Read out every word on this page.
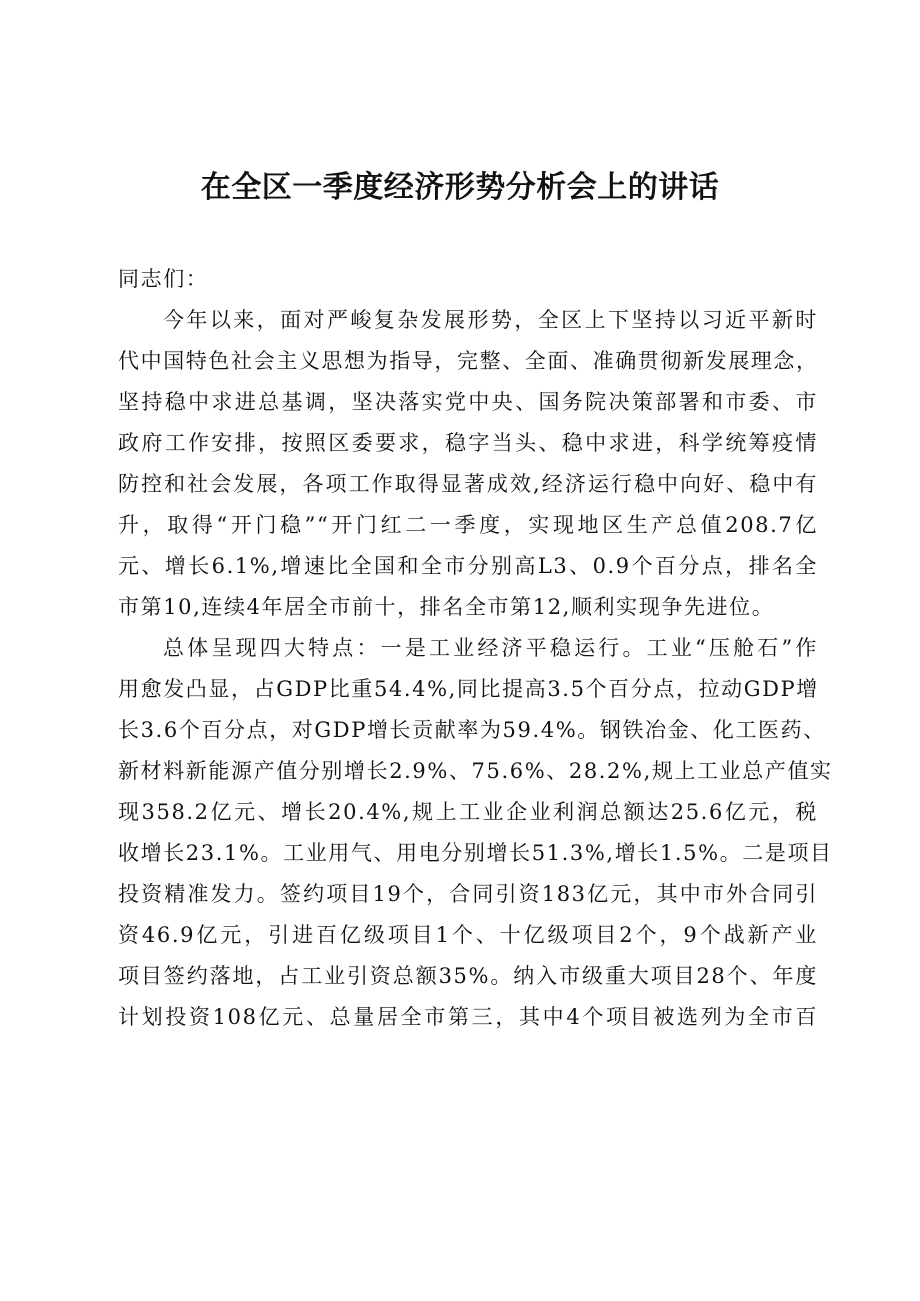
在全区一季度经济形势分析会上的讲话

同志们：

今年以来，面对严峻复杂发展形势，全区上下坚持以习近平新时
代中国特色社会主义思想为指导，完整、全面、准确贯彻新发展理念，
坚持稳中求进总基调，坚决落实党中央、国务院决策部署和市委、市
政府工作安排，按照区委要求，稳字当头、稳中求进，科学统筹疫情
防控和社会发展，各项工作取得显著成效,经济运行稳中向好、稳中有
升，取得“开门稳”“开门红二一季度，实现地区生产总值208.7亿
元、增长6.1%,增速比全国和全市分别高L3、0.9个百分点，排名全
市第10,连续4年居全市前十，排名全市第12,顺利实现争先进位。
总体呈现四大特点：一是工业经济平稳运行。工业“压舱石”作
用愈发凸显，占GDP比重54.4%,同比提高3.5个百分点，拉动GDP增
长3.6个百分点，对GDP增长贡献率为59.4%。钢铁冶金、化工医药、
新材料新能源产值分别增长2.9%、75.6%、28.2%,规上工业总产值实
现358.2亿元、增长20.4%,规上工业企业利润总额达25.6亿元，税
收增长23.1%。工业用气、用电分别增长51.3%,增长1.5%。二是项目
投资精准发力。签约项目19个，合同引资183亿元，其中市外合同引
资46.9亿元，引进百亿级项目1个、十亿级项目2个，9个战新产业
项目签约落地，占工业引资总额35%。纳入市级重大项目28个、年度
计划投资108亿元、总量居全市第三，其中4个项目被选列为全市百
